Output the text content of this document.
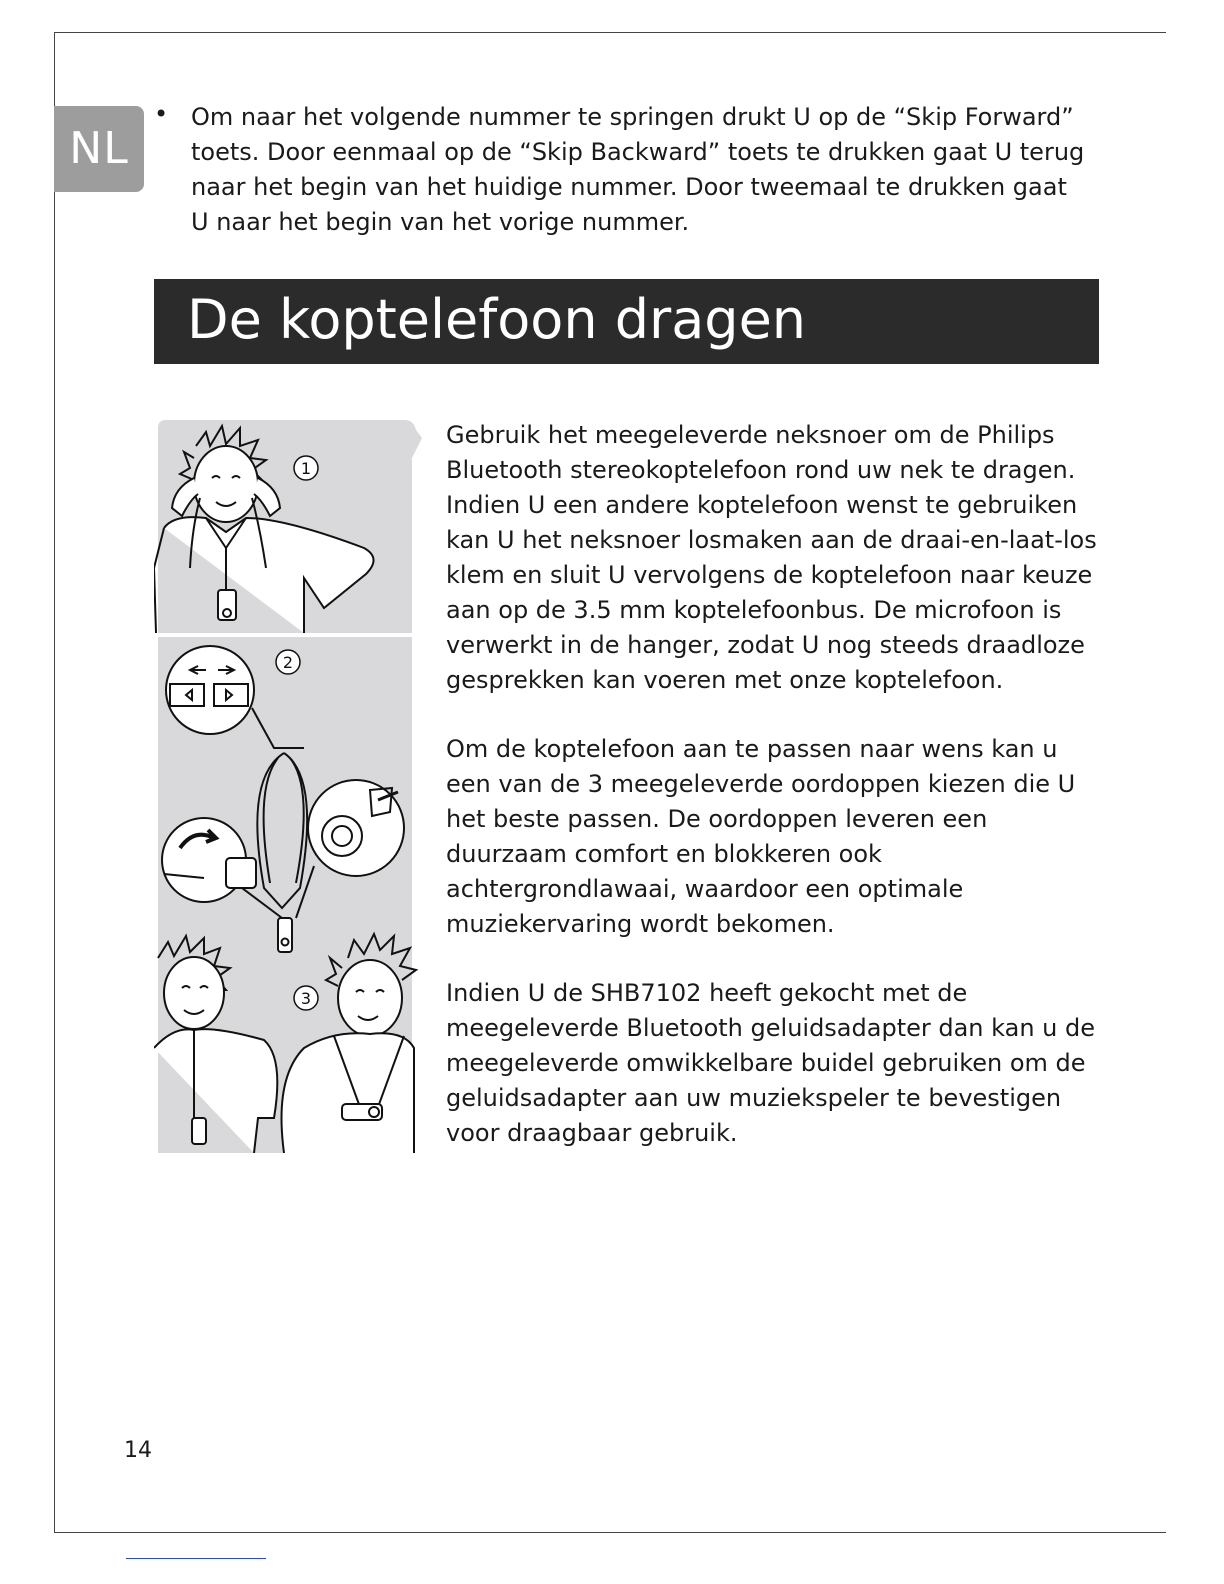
NL
• Om naar het volgende nummer te springen drukt U op de “Skip Forward” toets. Door eenmaal op de “Skip Backward” toets te drukken gaat U terug naar het begin van het huidige nummer. Door tweemaal te drukken gaat U naar het begin van het vorige nummer.
De koptelefoon dragen
1
2
3

Gebruik het meegeleverde neksnoer om de Philips Bluetooth stereokoptelefoon rond uw nek te dragen. Indien U een andere koptelefoon wenst te gebruiken kan U het neksnoer losmaken aan de draai-en-laat-los klem en sluit U vervolgens de koptelefoon naar keuze aan op de 3.5 mm koptelefoonbus. De microfoon is verwerkt in de hanger, zodat U nog steeds draadloze gesprekken kan voeren met onze koptelefoon.

Om de koptelefoon aan te passen naar wens kan u een van de 3 meegeleverde oordoppen kiezen die U het beste passen. De oordoppen leveren een duurzaam comfort en blokkeren ook achtergrondlawaai, waardoor een optimale muziekervaring wordt bekomen.

Indien U de SHB7102 heeft gekocht met de meegeleverde Bluetooth geluidsadapter dan kan u de meegeleverde omwikkelbare buidel gebruiken om de geluidsadapter aan uw muziekspeler te bevestigen voor draagbaar gebruik.

14
